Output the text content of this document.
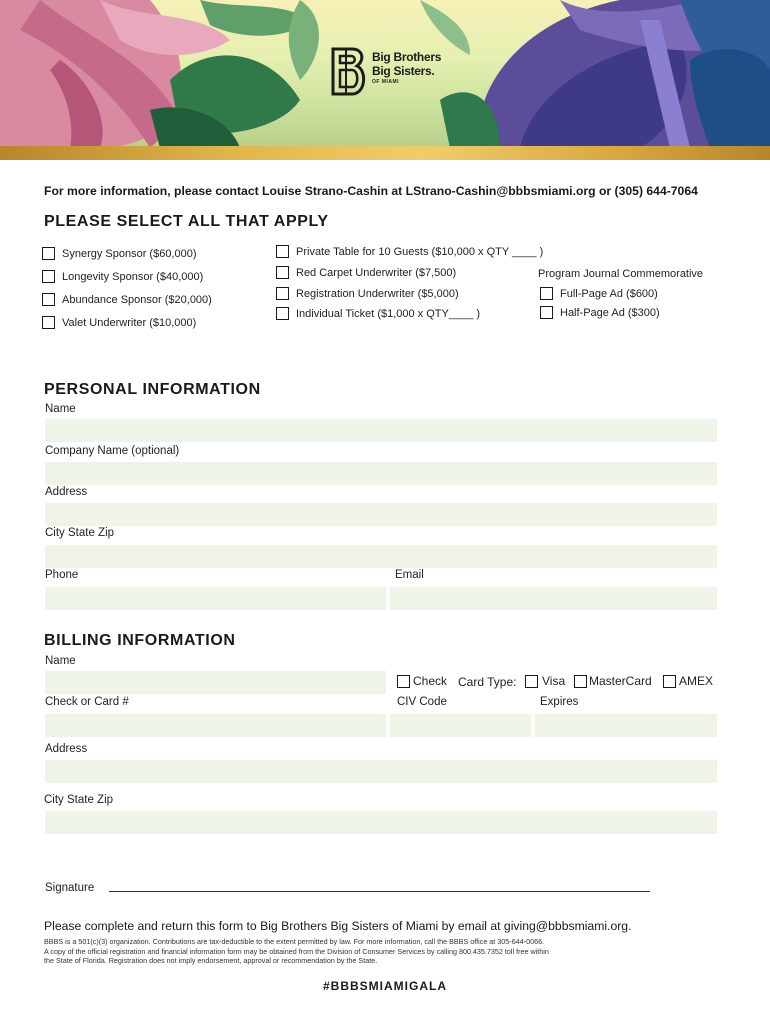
Big Brothers
Big Sisters.
OF MIAMI
For more information, please contact Louise Strano-Cashin at LStrano-Cashin@bbbsmiami.org or (305) 644-7064
PLEASE SELECT ALL THAT APPLY
Synergy Sponsor ($60,000)
Longevity Sponsor ($40,000)
Abundance Sponsor ($20,000)
Valet Underwriter ($10,000)
Private Table for 10 Guests ($10,000 x QTY ____ )
Red Carpet Underwriter ($7,500)
Registration Underwriter ($5,000)
Individual Ticket ($1,000 x QTY____ )
Program Journal Commemorative
Full-Page Ad ($600)
Half-Page Ad ($300)
PERSONAL INFORMATION
Name
Company Name (optional)
Address
City State Zip
Phone	Email
BILLING INFORMATION
Name
Check Card Type: Visa MasterCard AMEX
Check or Card #	CIV Code	Expires
Address
City State Zip
Signature
Please complete and return this form to Big Brothers Big Sisters of Miami by email at giving@bbbsmiami.org.
BBBS is a 501(c)(3) organization. Contributions are tax-deductible to the extent permitted by law. For more information, call the BBBS office at 305-644-0066.
A copy of the official registration and financial information form may be obtained from the Division of Consumer Services by calling 800.435.7352 toll free within
the State of Florida. Registration does not imply endorsement, approval or recommendation by the State.
#BBBSMIAMIGALA
